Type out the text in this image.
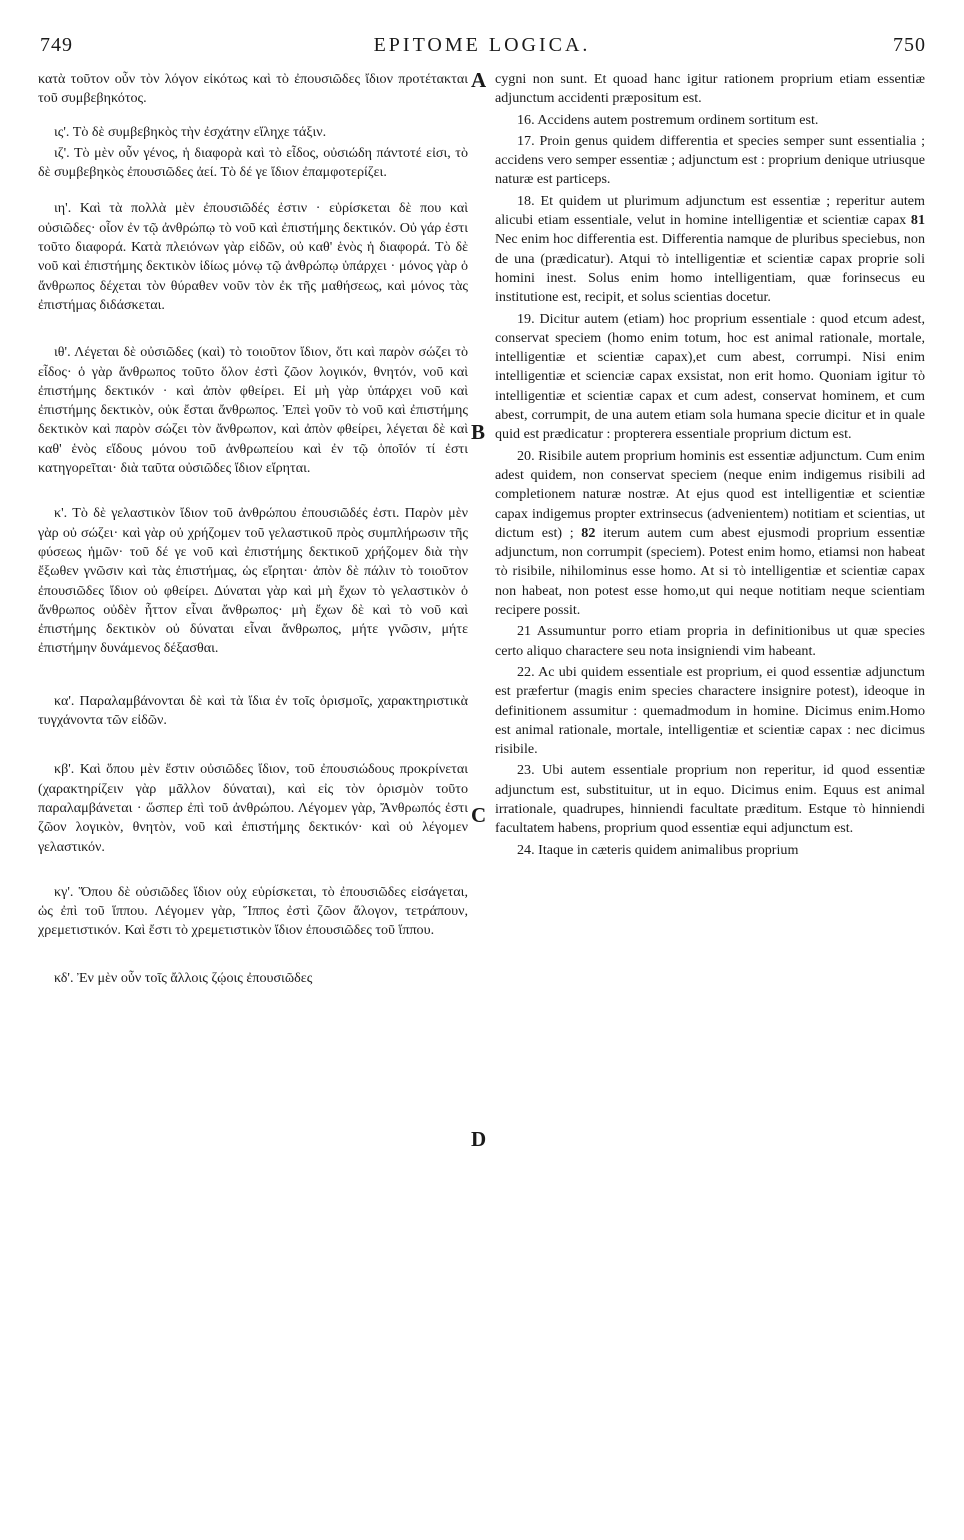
749	EPITOME LOGICA.	750
A
B
C
D

κατὰ τοῦτον οὖν τὸν λόγον εἰκότως καὶ τὸ ἐπουσιῶδες ἴδιον προτέτακται τοῦ συμβεβηκότος.

ις'. Τὸ δὲ συμβεβηκὸς τὴν ἐσχάτην εἴληχε τάξιν.

ιζ'. Τὸ μὲν οὖν γένος, ἡ διαφορὰ καὶ τὸ εἶδος, οὐσιώδη πάντοτέ εἰσι, τὸ δὲ συμβεβηκὸς ἐπουσιῶδες ἀεί. Τὸ δέ γε ἴδιον ἐπαμφοτερίζει.

ιη'. Καὶ τὰ πολλὰ μὲν ἐπουσιῶδές ἐστιν · εὑρίσκεται δὲ που καὶ οὐσιῶδες· οἷον ἐν τῷ ἀνθρώπῳ τὸ νοῦ καὶ ἐπιστήμης δεκτικόν. Οὐ γάρ ἐστι τοῦτο διαφορά. Κατὰ πλειόνων γὰρ εἰδῶν, οὐ καθ' ἑνὸς ἡ διαφορά. Τὸ δὲ νοῦ καὶ ἐπιστήμης δεκτικὸν ἰδίως μόνῳ τῷ ἀνθρώπῳ ὑπάρχει · μόνος γὰρ ὁ ἄνθρωπος δέχεται τὸν θύραθεν νοῦν τὸν ἐκ τῆς μαθήσεως, καὶ μόνος τὰς ἐπιστήμας διδάσκεται.

ιθ'. Λέγεται δὲ οὐσιῶδες (καὶ) τὸ τοιοῦτον ἴδιον, ὅτι καὶ παρὸν σώζει τὸ εἶδος· ὁ γὰρ ἄνθρωπος τοῦτο ὅλον ἐστὶ ζῶον λογικόν, θνητόν, νοῦ καὶ ἐπιστήμης δεκτικόν · καὶ ἀπὸν φθείρει. Εἰ μὴ γὰρ ὑπάρχει νοῦ καὶ ἐπιστήμης δεκτικὸν, οὐκ ἔσται ἄνθρωπος. Ἐπεὶ γοῦν τὸ νοῦ καὶ ἐπιστήμης δεκτικὸν καὶ παρὸν σώζει τὸν ἄνθρωπον, καὶ ἀπὸν φθείρει, λέγεται δὲ καὶ καθ' ἑνὸς εἴδους μόνου τοῦ ἀνθρωπείου καὶ ἐν τῷ ὁποῖόν τί ἐστι κατηγορεῖται· διὰ ταῦτα οὐσιῶδες ἴδιον εἴρηται.

κ'. Τὸ δὲ γελαστικὸν ἴδιον τοῦ ἀνθρώπου ἐπουσιῶδές ἐστι. Παρὸν μὲν γὰρ οὐ σώζει· καὶ γὰρ οὐ χρήζομεν τοῦ γελαστικοῦ πρὸς συμπλήρωσιν τῆς φύσεως ἡμῶν· τοῦ δέ γε νοῦ καὶ ἐπιστήμης δεκτικοῦ χρήζομεν διὰ τὴν ἔξωθεν γνῶσιν καὶ τὰς ἐπιστήμας, ὡς εἴρηται· ἀπὸν δὲ πάλιν τὸ τοιοῦτον ἐπουσιῶδες ἴδιον οὐ φθείρει. Δύναται γὰρ καὶ μὴ ἔχων τὸ γελαστικὸν ὁ ἄνθρωπος οὐδὲν ἧττον εἶναι ἄνθρωπος· μὴ ἔχων δὲ καὶ τὸ νοῦ καὶ ἐπιστήμης δεκτικὸν οὐ δύναται εἶναι ἄνθρωπος, μήτε γνῶσιν, μήτε ἐπιστήμην δυνάμενος δέξασθαι.

κα'. Παραλαμβάνονται δὲ καὶ τὰ ἴδια ἐν τοῖς ὁρισμοῖς, χαρακτηριστικὰ τυγχάνοντα τῶν εἰδῶν.

κβ'. Καὶ ὅπου μὲν ἔστιν οὐσιῶδες ἴδιον, τοῦ ἐπουσιώδους προκρίνεται (χαρακτηρίζειν γὰρ μᾶλλον δύναται), καὶ εἰς τὸν ὁρισμὸν τοῦτο παραλαμβάνεται · ὥσπερ ἐπὶ τοῦ ἀνθρώπου. Λέγομεν γὰρ, Ἄνθρωπός ἐστι ζῶον λογικὸν, θνητὸν, νοῦ καὶ ἐπιστήμης δεκτικόν· καὶ οὐ λέγομεν γελαστικόν.

κγ'. Ὅπου δὲ οὐσιῶδες ἴδιον οὐχ εὑρίσκεται, τὸ ἐπουσιῶδες εἰσάγεται, ὡς ἐπὶ τοῦ ἵππου. Λέγομεν γὰρ, Ἵππος ἐστὶ ζῶον ἄλογον, τετράπουν, χρεμετιστικόν. Καὶ ἔστι τὸ χρεμετιστικὸν ἴδιον ἐπουσιῶδες τοῦ ἵππου.

κδ'. Ἐν μὲν οὖν τοῖς ἄλλοις ζῴοις ἐπουσιῶδες

cygni non sunt. Et quoad hanc igitur rationem proprium etiam essentiæ adjunctum accidenti præpositum est.

16. Accidens autem postremum ordinem sortitum est.

17. Proin genus quidem differentia et species semper sunt essentialia ; accidens vero semper essentiæ ; adjunctum est : proprium denique utriusque naturæ est particeps.

18. Et quidem ut plurimum adjunctum est essentiæ ; reperitur autem alicubi etiam essentiale, velut in homine intelligentiæ et scientiæ capax 81 Nec enim hoc differentia est. Differentia namque de pluribus speciebus, non de una (prædicatur). Atqui τὸ intelligentiæ et scientiæ capax proprie soli homini inest. Solus enim homo intelligentiam, quæ forinsecus eu institutione est, recipit, et solus scientias docetur.

19. Dicitur autem (etiam) hoc proprium essentiale : quod etcum adest, conservat speciem (homo enim totum, hoc est animal rationale, mortale, intelligentiæ et scientiæ capax),et cum abest, corrumpi. Nisi enim intelligentiæ et scienciæ capax exsistat, non erit homo. Quoniam igitur τὸ intelligentiæ et scientiæ capax et cum adest, conservat hominem, et cum abest, corrumpit, de una autem etiam sola humana specie dicitur et in quale quid est prædicatur : propterera essentiale proprium dictum est.

20. Risibile autem proprium hominis est essentiæ adjunctum. Cum enim adest quidem, non conservat speciem (neque enim indigemus risibili ad completionem naturæ nostræ. At ejus quod est intelligentiæ et scientiæ capax indigemus propter extrinsecus (advenientem) notitiam et scientias, ut dictum est) ; 82 iterum autem cum abest ejusmodi proprium essentiæ adjunctum, non corrumpit (speciem). Potest enim homo, etiamsi non habeat τὸ risibile, nihilominus esse homo. At si τὸ intelligentiæ et scientiæ capax non habeat, non potest esse homo,ut qui neque notitiam neque scientiam recipere possit.

21 Assumuntur porro etiam propria in definitionibus ut quæ species certo aliquo charactere seu nota insigniendi vim habeant.

22. Ac ubi quidem essentiale est proprium, ei quod essentiæ adjunctum est præfertur (magis enim species charactere insignire potest), ideoque in definitionem assumitur : quemadmodum in homine. Dicimus enim.Homo est animal rationale, mortale, intelligentiæ et scientiæ capax : nec dicimus risibile.

23. Ubi autem essentiale proprium non reperitur, id quod essentiæ adjunctum est, substituitur, ut in equo. Dicimus enim. Equus est animal irrationale, quadrupes, hinniendi facultate præditum. Estque τὸ hinniendi facultatem habens, proprium quod essentiæ equi adjunctum est.

24. Itaque in cæteris quidem animalibus proprium
